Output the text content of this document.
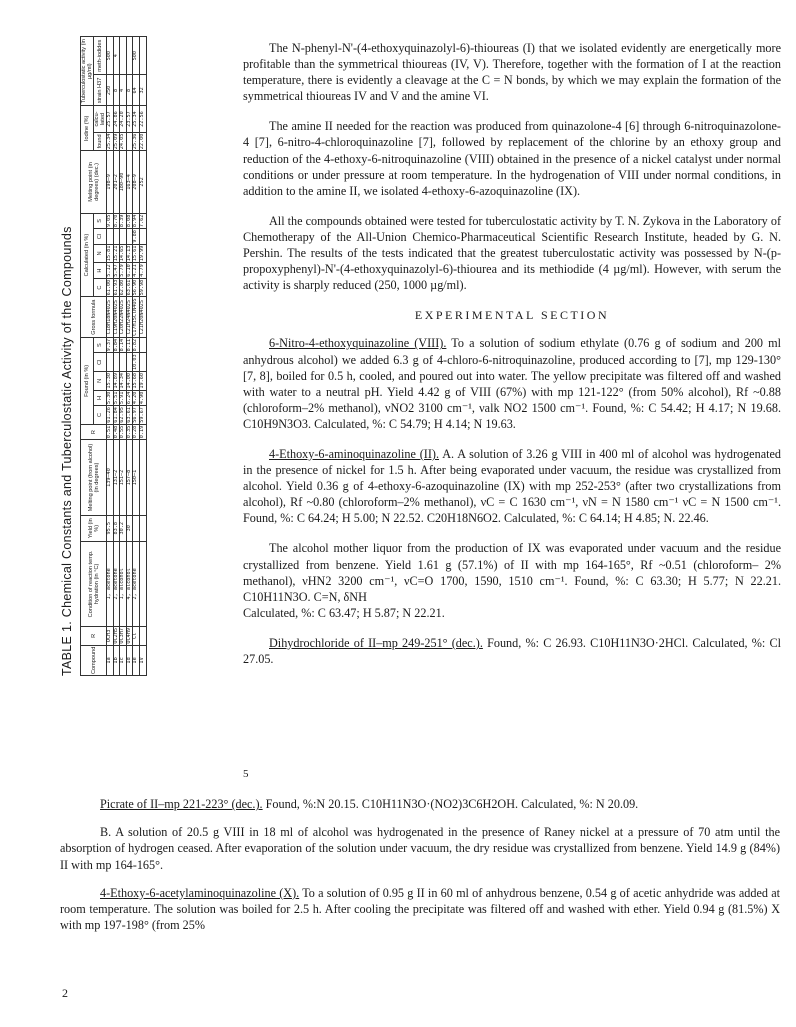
TABLE 1. Chemical Constants and Tuberculostatic Activity of the Compounds	Compound	R	Condition of reaction temp. hydration (in °C)	Yield (in %)	Melting point (from alcohol) (in degrees)	R	Found (in %)					Gross formula	Calculated (in %)					Melting point (in degrees) (dec.)	Iodine (%)		Tuberculostatic activity (in µg/ml)	
						C	H	N	Cl	S		C	H	N	Cl	S		found	calcu-lated	strain H37	meth-iodides
Ia	OCH3	1, acetone	95.5	139—40	0.51	61.26	5.30	15.30		9.37	C18H18N4O2S	61.00	5.12	15.81		9.05	198—9	25.34	25.57	250	500
Ib	OC2H5	2, acetone	83.8	131—2	0.48	61.84	5.51	14.89		8.84	C19H20N4O2S	61.93	5.47	15.21		8.70	201—2	25.09	24.86	8	4
Ic	OC3H7	1, alcohol	30.2	151—2	0.55	62.95	5.91	14.34		8.14	C20H22N4O2S	62.80	5.79	14.65		8.39	180—90	24.05	24.20	4	
Id	OC4H9	4, alcohol	30	157—8	0.35	63.61	6.24	14.00		8.11	C21H24N4O2S	63.61	6.10	14.13		8.08	163—4		23.57	8	
Ie	Cl	2, acetone		150—1	0.28	56.97	4.20	15.68	10.03	8.82	C17H15ClN4OS	56.90	4.21	15.61	9.88	8.94	208—9	25.36	25.34	64	500
IV					0.19	59.67	4.90	19.60			C21H20N4O2S	59.98	4.79	19.99		7.62	252	22.00	22.56	32	
5

The N-phenyl-N'-(4-ethoxyquinazolyl-6)-thioureas (I) that we isolated evidently are energetically more profitable than the symmetrical thioureas (IV, V). Therefore, together with the formation of I at the reaction temperature, there is evidently a cleavage at the C = N bonds, by which we may explain the formation of the symmetrical thioureas IV and V and the amine VI.

The amine II needed for the reaction was produced from quinazolone-4 [6] through 6-nitroquinazolone-4 [7], 6-nitro-4-chloroquinazoline [7], followed by replacement of the chlorine by an ethoxy group and reduction of the 4-ethoxy-6-nitroquinazoline (VIII) obtained in the presence of a nickel catalyst under normal conditions or under pressure at room temperature. In the hydrogenation of VIII under normal conditions, in addition to the amine II, we isolated 4-ethoxy-6-azoquinazoline (IX).

All the compounds obtained were tested for tuberculostatic activity by T. N. Zykova in the Laboratory of Chemotherapy of the All-Union Chemico-Pharmaceutical Scientific Research Institute, headed by G. N. Pershin. The results of the tests indicated that the greatest tuberculostatic activity was possessed by N-(p-propoxyphenyl)-N'-(4-ethoxyquinazolyl-6)-thiourea and its methiodide (4 µg/ml). However, with serum the activity is sharply reduced (250, 1000 µg/ml).

EXPERIMENTAL SECTION

6-Nitro-4-ethoxyquinazoline (VIII). To a solution of sodium ethylate (0.76 g of sodium and 200 ml anhydrous alcohol) we added 6.3 g of 4-chloro-6-nitroquinazoline, produced according to [7], mp 129-130° [7, 8], boiled for 0.5 h, cooled, and poured out into water. The yellow precipitate was filtered off and washed with water to a neutral pH. Yield 4.42 g of VIII (67%) with mp 121-122° (from 50% alcohol), Rf ~0.88 (chloroform–2% methanol), νNO2 3100 cm⁻¹, νalk NO2 1500 cm⁻¹. Found, %: C 54.42; H 4.17; N 19.68. C10H9N3O3. Calculated, %: C 54.79; H 4.14; N 19.63.

4-Ethoxy-6-aminoquinazoline (II). A. A solution of 3.26 g VIII in 400 ml of alcohol was hydrogenated in the presence of nickel for 1.5 h. After being evaporated under vacuum, the residue was crystallized from alcohol. Yield 0.36 g of 4-ethoxy-6-azoquinazoline (IX) with mp 252-253° (after two crystallizations from alcohol), Rf ~0.80 (chloroform–2% methanol), νC = C 1630 cm⁻¹, νN = N 1580 cm⁻¹ νC = N 1500 cm⁻¹. Found, %: C 64.24; H 5.00; N 22.52. C20H18N6O2. Calculated, %: C 64.14; H 4.85; N. 22.46.

The alcohol mother liquor from the production of IX was evaporated under vacuum and the residue crystallized from benzene. Yield 1.61 g (57.1%) of II with mp 164-165°, Rf ~0.51 (chloroform– 2% methanol), νHN2 3200 cm⁻¹, νC=O 1700, 1590, 1510 cm⁻¹. Found, %: C 63.30; H 5.77; N 22.21. C10H11N3O. C=N, δNH

Calculated, %: C 63.47; H 5.87; N 22.21.

Dihydrochloride of II–mp 249-251° (dec.). Found, %: C 26.93. C10H11N3O·2HCl. Calculated, %: Cl 27.05.

Picrate of II–mp 221-223° (dec.). Found, %:N 20.15. C10H11N3O·(NO2)3C6H2OH. Calculated, %: N 20.09.

B. A solution of 20.5 g VIII in 18 ml of alcohol was hydrogenated in the presence of Raney nickel at a pressure of 70 atm until the absorption of hydrogen ceased. After evaporation of the solution under vacuum, the dry residue was crystallized from benzene. Yield 14.9 g (84%) II with mp 164-165°.

4-Ethoxy-6-acetylaminoquinazoline (X). To a solution of 0.95 g II in 60 ml of anhydrous benzene, 0.54 g of acetic anhydride was added at room temperature. The solution was boiled for 2.5 h. After cooling the precipitate was filtered off and washed with ether. Yield 0.94 g (81.5%) X with mp 197-198° (from 25%

2
